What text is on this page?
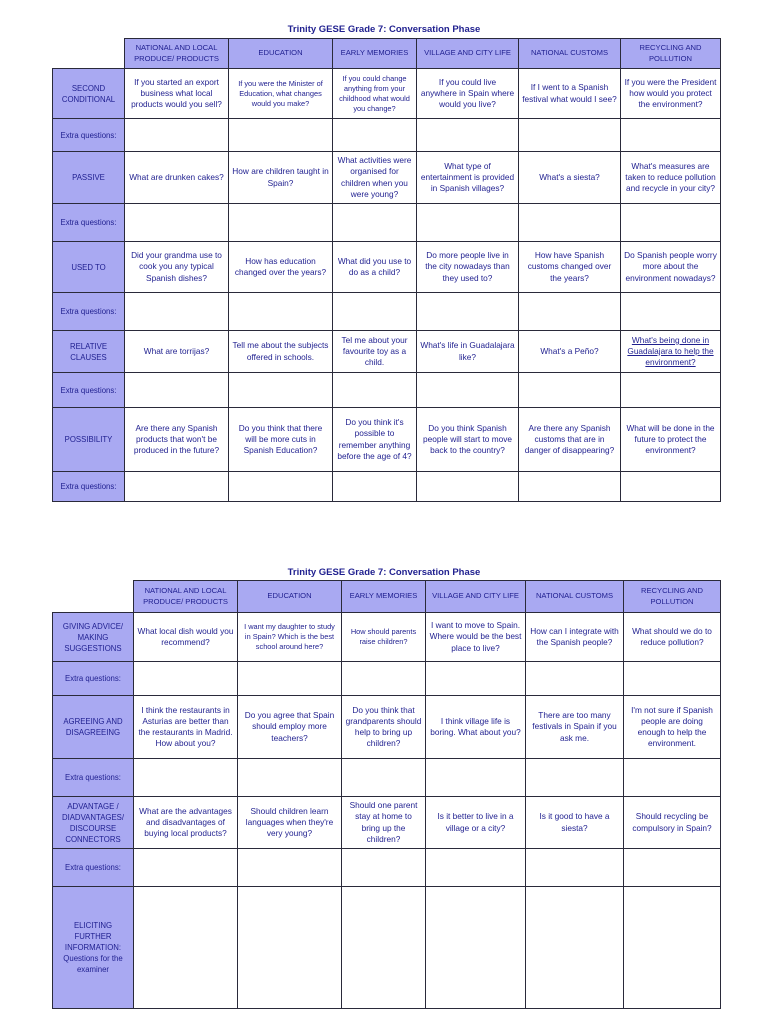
Trinity GESE Grade 7: Conversation Phase
	NATIONAL AND LOCAL PRODUCE/ PRODUCTS	EDUCATION	EARLY MEMORIES	VILLAGE AND CITY LIFE	NATIONAL CUSTOMS	RECYCLING AND POLLUTION
SECOND CONDITIONAL	If you started an export business what local products would you sell?	If you were the Minister of Education, what changes would you make?	If you could change anything from your childhood what would you change?	If you could live anywhere in Spain where would you live?	If I went to a Spanish festival what would I see?	If you were the President how would you protect the environment?
Extra questions:						
PASSIVE	What are drunken cakes?	How are children taught in Spain?	What activities were organised for children when you were young?	What type of entertainment is provided in Spanish villages?	What's a siesta?	What's measures are taken to reduce pollution and recycle in your city?
Extra questions:						
USED TO	Did your grandma use to cook you any typical Spanish dishes?	How has education changed over the years?	What did you use to do as a child?	Do more people live in the city nowadays than they used to?	How have Spanish customs changed over the years?	Do Spanish people worry more about the environment nowadays?
Extra questions:						
RELATIVE CLAUSES	What are torrijas?	Tell me about the subjects offered in schools.	Tel me about your favourite toy as a child.	What's life in Guadalajara like?	What's a Peño?	What's being done in Guadalajara to help the environment?
Extra questions:						
POSSIBILITY	Are there any Spanish products that won't be produced in the future?	Do you think that there will be more cuts in Spanish Education?	Do you think it's possible to remember anything before the age of 4?	Do you think Spanish people will start to move back to the country?	Are there any Spanish customs that are in danger of disappearing?	What will be done in the future to protect the environment?
Extra questions:						
Trinity GESE Grade 7: Conversation Phase
	NATIONAL AND LOCAL PRODUCE/ PRODUCTS	EDUCATION	EARLY MEMORIES	VILLAGE AND CITY LIFE	NATIONAL CUSTOMS	RECYCLING AND POLLUTION
GIVING ADVICE/ MAKING SUGGESTIONS	What local dish would you recommend?	I want my daughter to study in Spain? Which is the best school around here?	How should parents raise children?	I want to move to Spain. Where would be the best place to live?	How can I integrate with the Spanish people?	What should we do to reduce pollution?
Extra questions:						
AGREEING AND DISAGREEING	I think the restaurants in Asturias are better than the restaurants in Madrid. How about you?	Do you agree that Spain should employ more teachers?	Do you think that grandparents should help to bring up children?	I think village life is boring. What about you?	There are too many festivals in Spain if you ask me.	I'm not sure if Spanish people are doing enough to help the environment.
Extra questions:						
ADVANTAGE / DIADVANTAGES/ DISCOURSE CONNECTORS	What are the advantages and disadvantages of buying local products?	Should children learn languages when they're very young?	Should one parent stay at home to bring up the children?	Is it better to live in a village or a city?	Is it good to have a siesta?	Should recycling be compulsory in Spain?
Extra questions:						
ELICITING FURTHER INFORMATION: Questions for the examiner						
